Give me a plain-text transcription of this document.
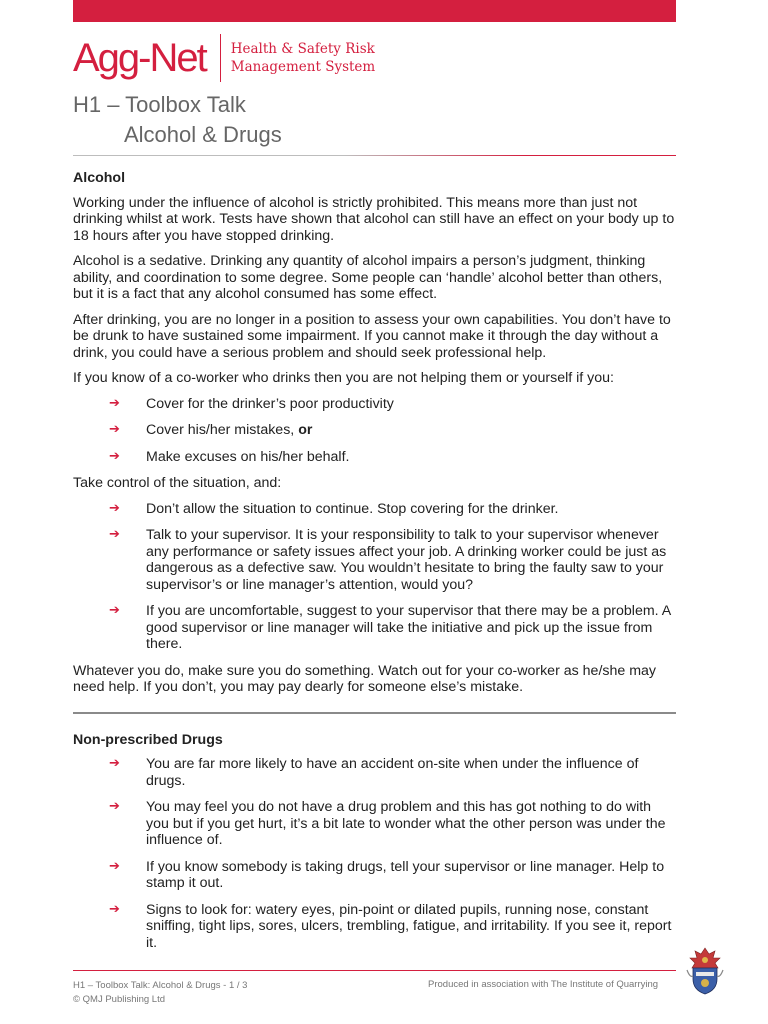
Agg-Net Health & Safety Risk
Management System
H1 – Toolbox Talk
Alcohol & Drugs
Alcohol

Working under the influence of alcohol is strictly prohibited. This means more than just not drinking whilst at work. Tests have shown that alcohol can still have an effect on your body up to 18 hours after you have stopped drinking.

Alcohol is a sedative. Drinking any quantity of alcohol impairs a person’s judgment, thinking ability, and coordination to some degree. Some people can ‘handle’ alcohol better than others, but it is a fact that any alcohol consumed has some effect.

After drinking, you are no longer in a position to assess your own capabilities. You don’t have to be drunk to have sustained some impairment. If you cannot make it through the day without a drink, you could have a serious problem and should seek professional help.

If you know of a co-worker who drinks then you are not helping them or yourself if you:

➔ Cover for the drinker’s poor productivity
➔ Cover his/her mistakes, or
➔ Make excuses on his/her behalf.

Take control of the situation, and:

➔ Don’t allow the situation to continue. Stop covering for the drinker.
➔ Talk to your supervisor. It is your responsibility to talk to your supervisor whenever any performance or safety issues affect your job. A drinking worker could be just as dangerous as a defective saw. You wouldn’t hesitate to bring the faulty saw to your supervisor’s or line manager’s attention, would you?
➔ If you are uncomfortable, suggest to your supervisor that there may be a problem. A good supervisor or line manager will take the initiative and pick up the issue from there.

Whatever you do, make sure you do something. Watch out for your co-worker as he/she may need help. If you don’t, you may pay dearly for someone else’s mistake.

Non-prescribed Drugs
➔ You are far more likely to have an accident on-site when under the influence of drugs.
➔ You may feel you do not have a drug problem and this has got nothing to do with you but if you get hurt, it’s a bit late to wonder what the other person was under the influence of.
➔ If you know somebody is taking drugs, tell your supervisor or line manager. Help to stamp it out.
➔ Signs to look for: watery eyes, pin-point or dilated pupils, running nose, constant sniffing, tight lips, sores, ulcers, trembling, fatigue, and irritability. If you see it, report it.
H1 – Toolbox Talk: Alcohol & Drugs - 1 / 3
© QMJ Publishing Ltd
Produced in association with The Institute of Quarrying
